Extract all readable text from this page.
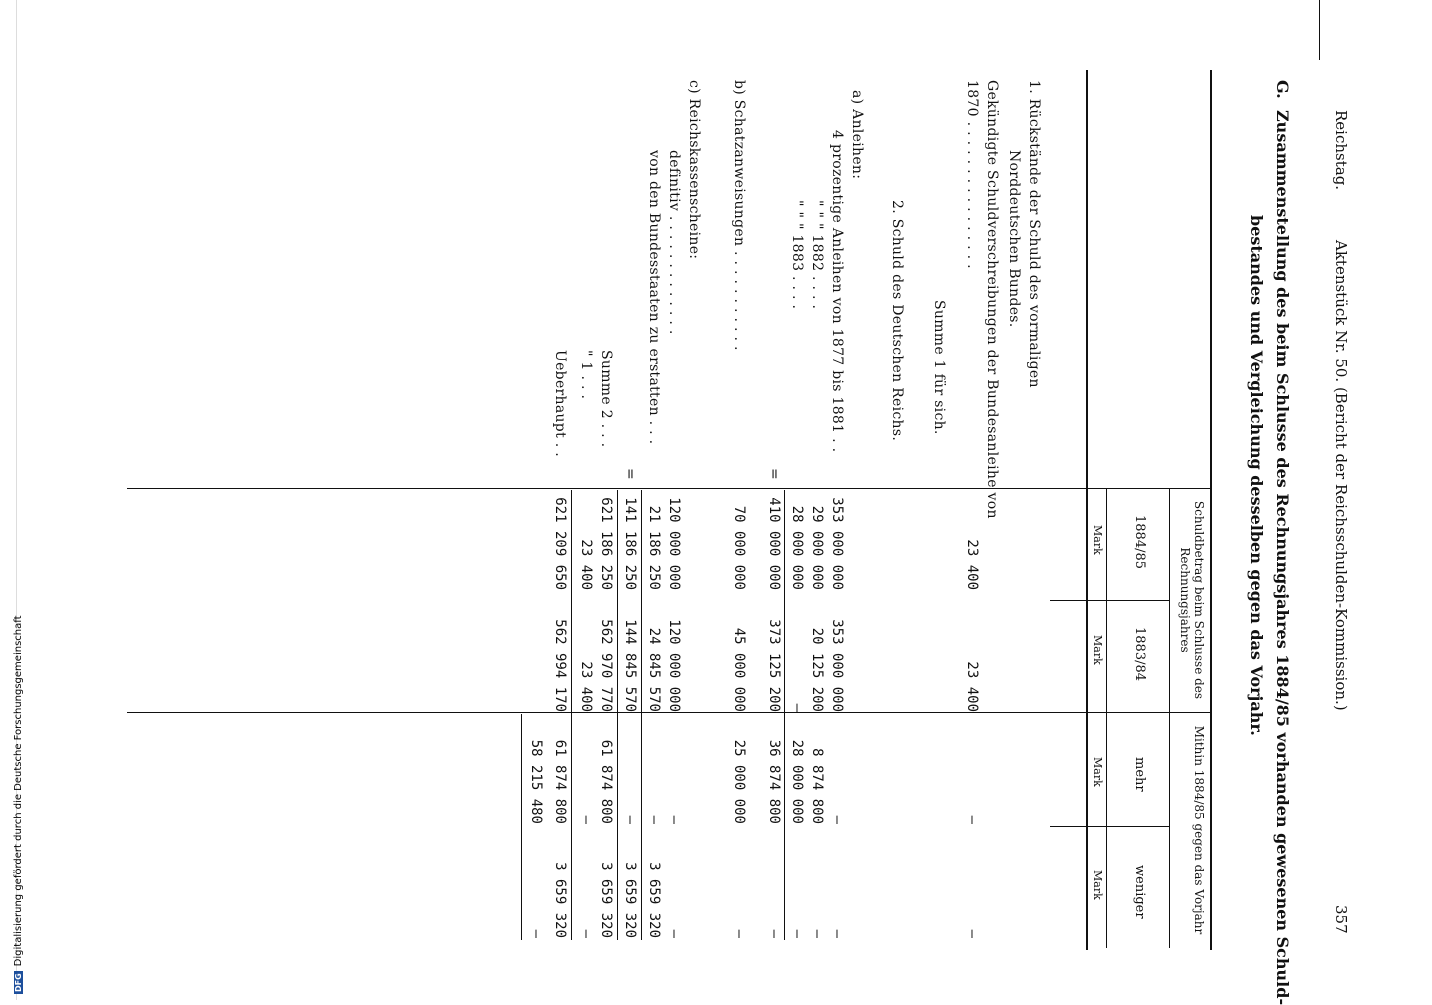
DFGDigitalisierung gefördert durch die Deutsche Forschungsgemeinschaft
Reichstag.
Aktenstück Nr. 50. (Bericht der Reichsschulden-Kommission.)
357
G.
Zusammenstellung des beim Schlusse des Rechnungsjahres 1884/85 vorhanden gewesenen Schuld-
bestandes und Vergleichung desselben gegen das Vorjahr.
Schuldbetrag beim Schlusse des Rechnungsjahres
Mithin 1884/85 gegen das Vorjahr
1884/85
1883/84
mehr
weniger
Mark
Mark
Mark
Mark
1. Rückstände der Schuld des vormaligen
Norddeutschen Bundes.
Gekündigte Schuldverschreibungen der Bundesanleihe von
1870 . . . . . . . . . . . . . . . .
23 400
23 400
—
—
Summe 1 für sich.
2. Schuld des Deutschen Reichs.
a) Anleihen:
4 prozentige Anleihen von 1877 bis 1881 . .
353 000 000
353 000 000
—
—
" " " 1882 . . . .
29 000 000
20 125 200
8 874 800
—
" " " 1883 . . . .
28 000 000
—
28 000 000
—
=
410 000 000
373 125 200
36 874 800
—
b) Schatzanweisungen . . . . . . . . . . .
70 000 000
45 000 000
25 000 000
—
c) Reichskassenscheine:
definitiv . . . . . . . . . . . . .
120 000 000
120 000 000
—
—
von den Bundesstaaten zu erstatten . . .
21 186 250
24 845 570
—
3 659 320
=
141 186 250
144 845 570
—
3 659 320
Summe 2 . . .
621 186 250
562 970 770
61 874 800
3 659 320
" 1 . . .
23 400
23 400
—
—
Ueberhaupt . .
621 209 650
562 994 170
61 874 800
3 659 320
58 215 480
—
